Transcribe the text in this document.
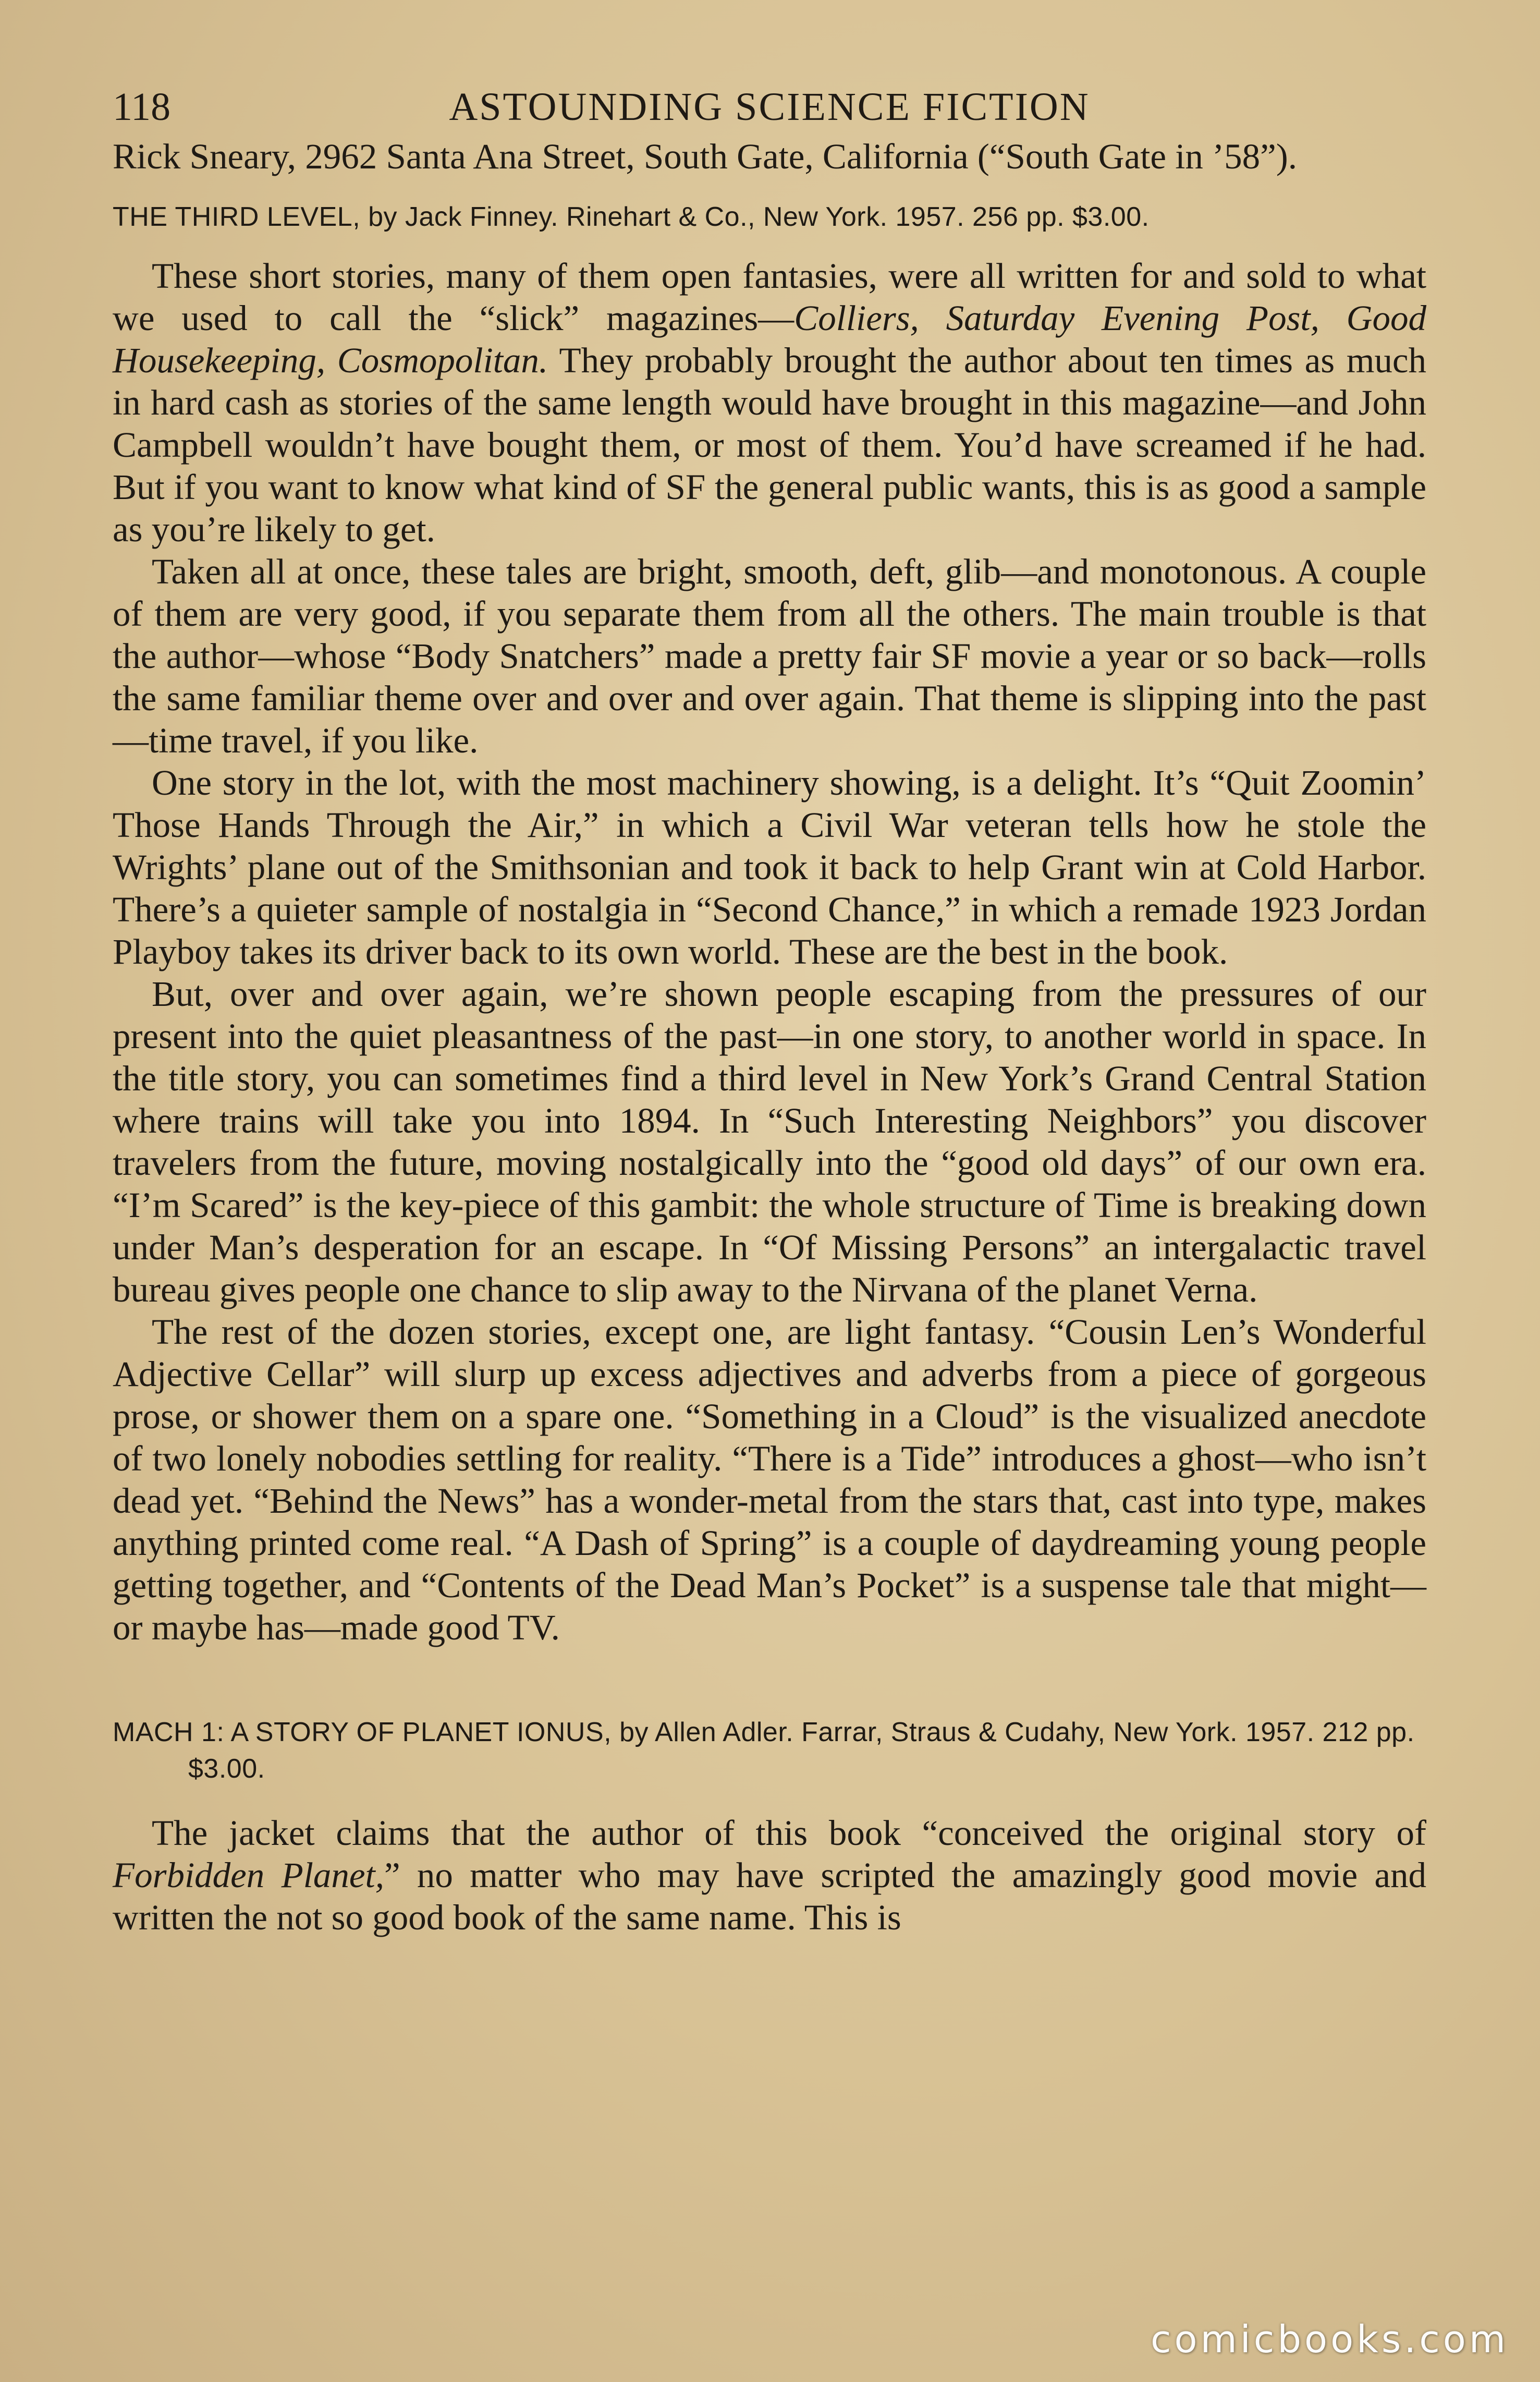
118	ASTOUNDING SCIENCE FICTION

Rick Sneary, 2962 Santa Ana Street, South Gate, California (“South Gate in ’58”).

THE THIRD LEVEL, by Jack Finney. Rinehart & Co., New York. 1957. 256 pp. $3.00.

These short stories, many of them open fantasies, were all written for and sold to what we used to call the “slick” magazines—Colliers, Saturday Evening Post, Good Housekeeping, Cosmopolitan. They probably brought the author about ten times as much in hard cash as stories of the same length would have brought in this magazine—and John Campbell wouldn’t have bought them, or most of them. You’d have screamed if he had. But if you want to know what kind of SF the general public wants, this is as good a sample as you’re likely to get.

Taken all at once, these tales are bright, smooth, deft, glib—and monotonous. A couple of them are very good, if you separate them from all the others. The main trouble is that the author—whose “Body Snatchers” made a pretty fair SF movie a year or so back—rolls the same familiar theme over and over and over again. That theme is slipping into the past—time travel, if you like.

One story in the lot, with the most machinery showing, is a delight. It’s “Quit Zoomin’ Those Hands Through the Air,” in which a Civil War veteran tells how he stole the Wrights’ plane out of the Smithsonian and took it back to help Grant win at Cold Harbor. There’s a quieter sample of nostalgia in “Second Chance,” in which a remade 1923 Jordan Playboy takes its driver back to its own world. These are the best in the book.

But, over and over again, we’re shown people escaping from the pressures of our present into the quiet pleasantness of the past—in one story, to another world in space. In the title story, you can sometimes find a third level in New York’s Grand Central Station where trains will take you into 1894. In “Such Interesting Neighbors” you discover travelers from the future, moving nostalgically into the “good old days” of our own era. “I’m Scared” is the key-piece of this gambit: the whole structure of Time is breaking down under Man’s desperation for an escape. In “Of Missing Persons” an intergalactic travel bureau gives people one chance to slip away to the Nirvana of the planet Verna.

The rest of the dozen stories, except one, are light fantasy. “Cousin Len’s Wonderful Adjective Cellar” will slurp up excess adjectives and adverbs from a piece of gorgeous prose, or shower them on a spare one. “Something in a Cloud” is the visualized anecdote of two lonely nobodies settling for reality. “There is a Tide” introduces a ghost—who isn’t dead yet. “Behind the News” has a wonder-metal from the stars that, cast into type, makes anything printed come real. “A Dash of Spring” is a couple of daydreaming young people getting together, and “Contents of the Dead Man’s Pocket” is a suspense tale that might—or maybe has—made good TV.

MACH 1: A STORY OF PLANET IONUS, by Allen Adler. Farrar, Straus & Cudahy, New York. 1957. 212 pp. $3.00.

The jacket claims that the author of this book “conceived the original story of Forbidden Planet,” no matter who may have scripted the amazingly good movie and written the not so good book of the same name. This is

comicbooks.com
